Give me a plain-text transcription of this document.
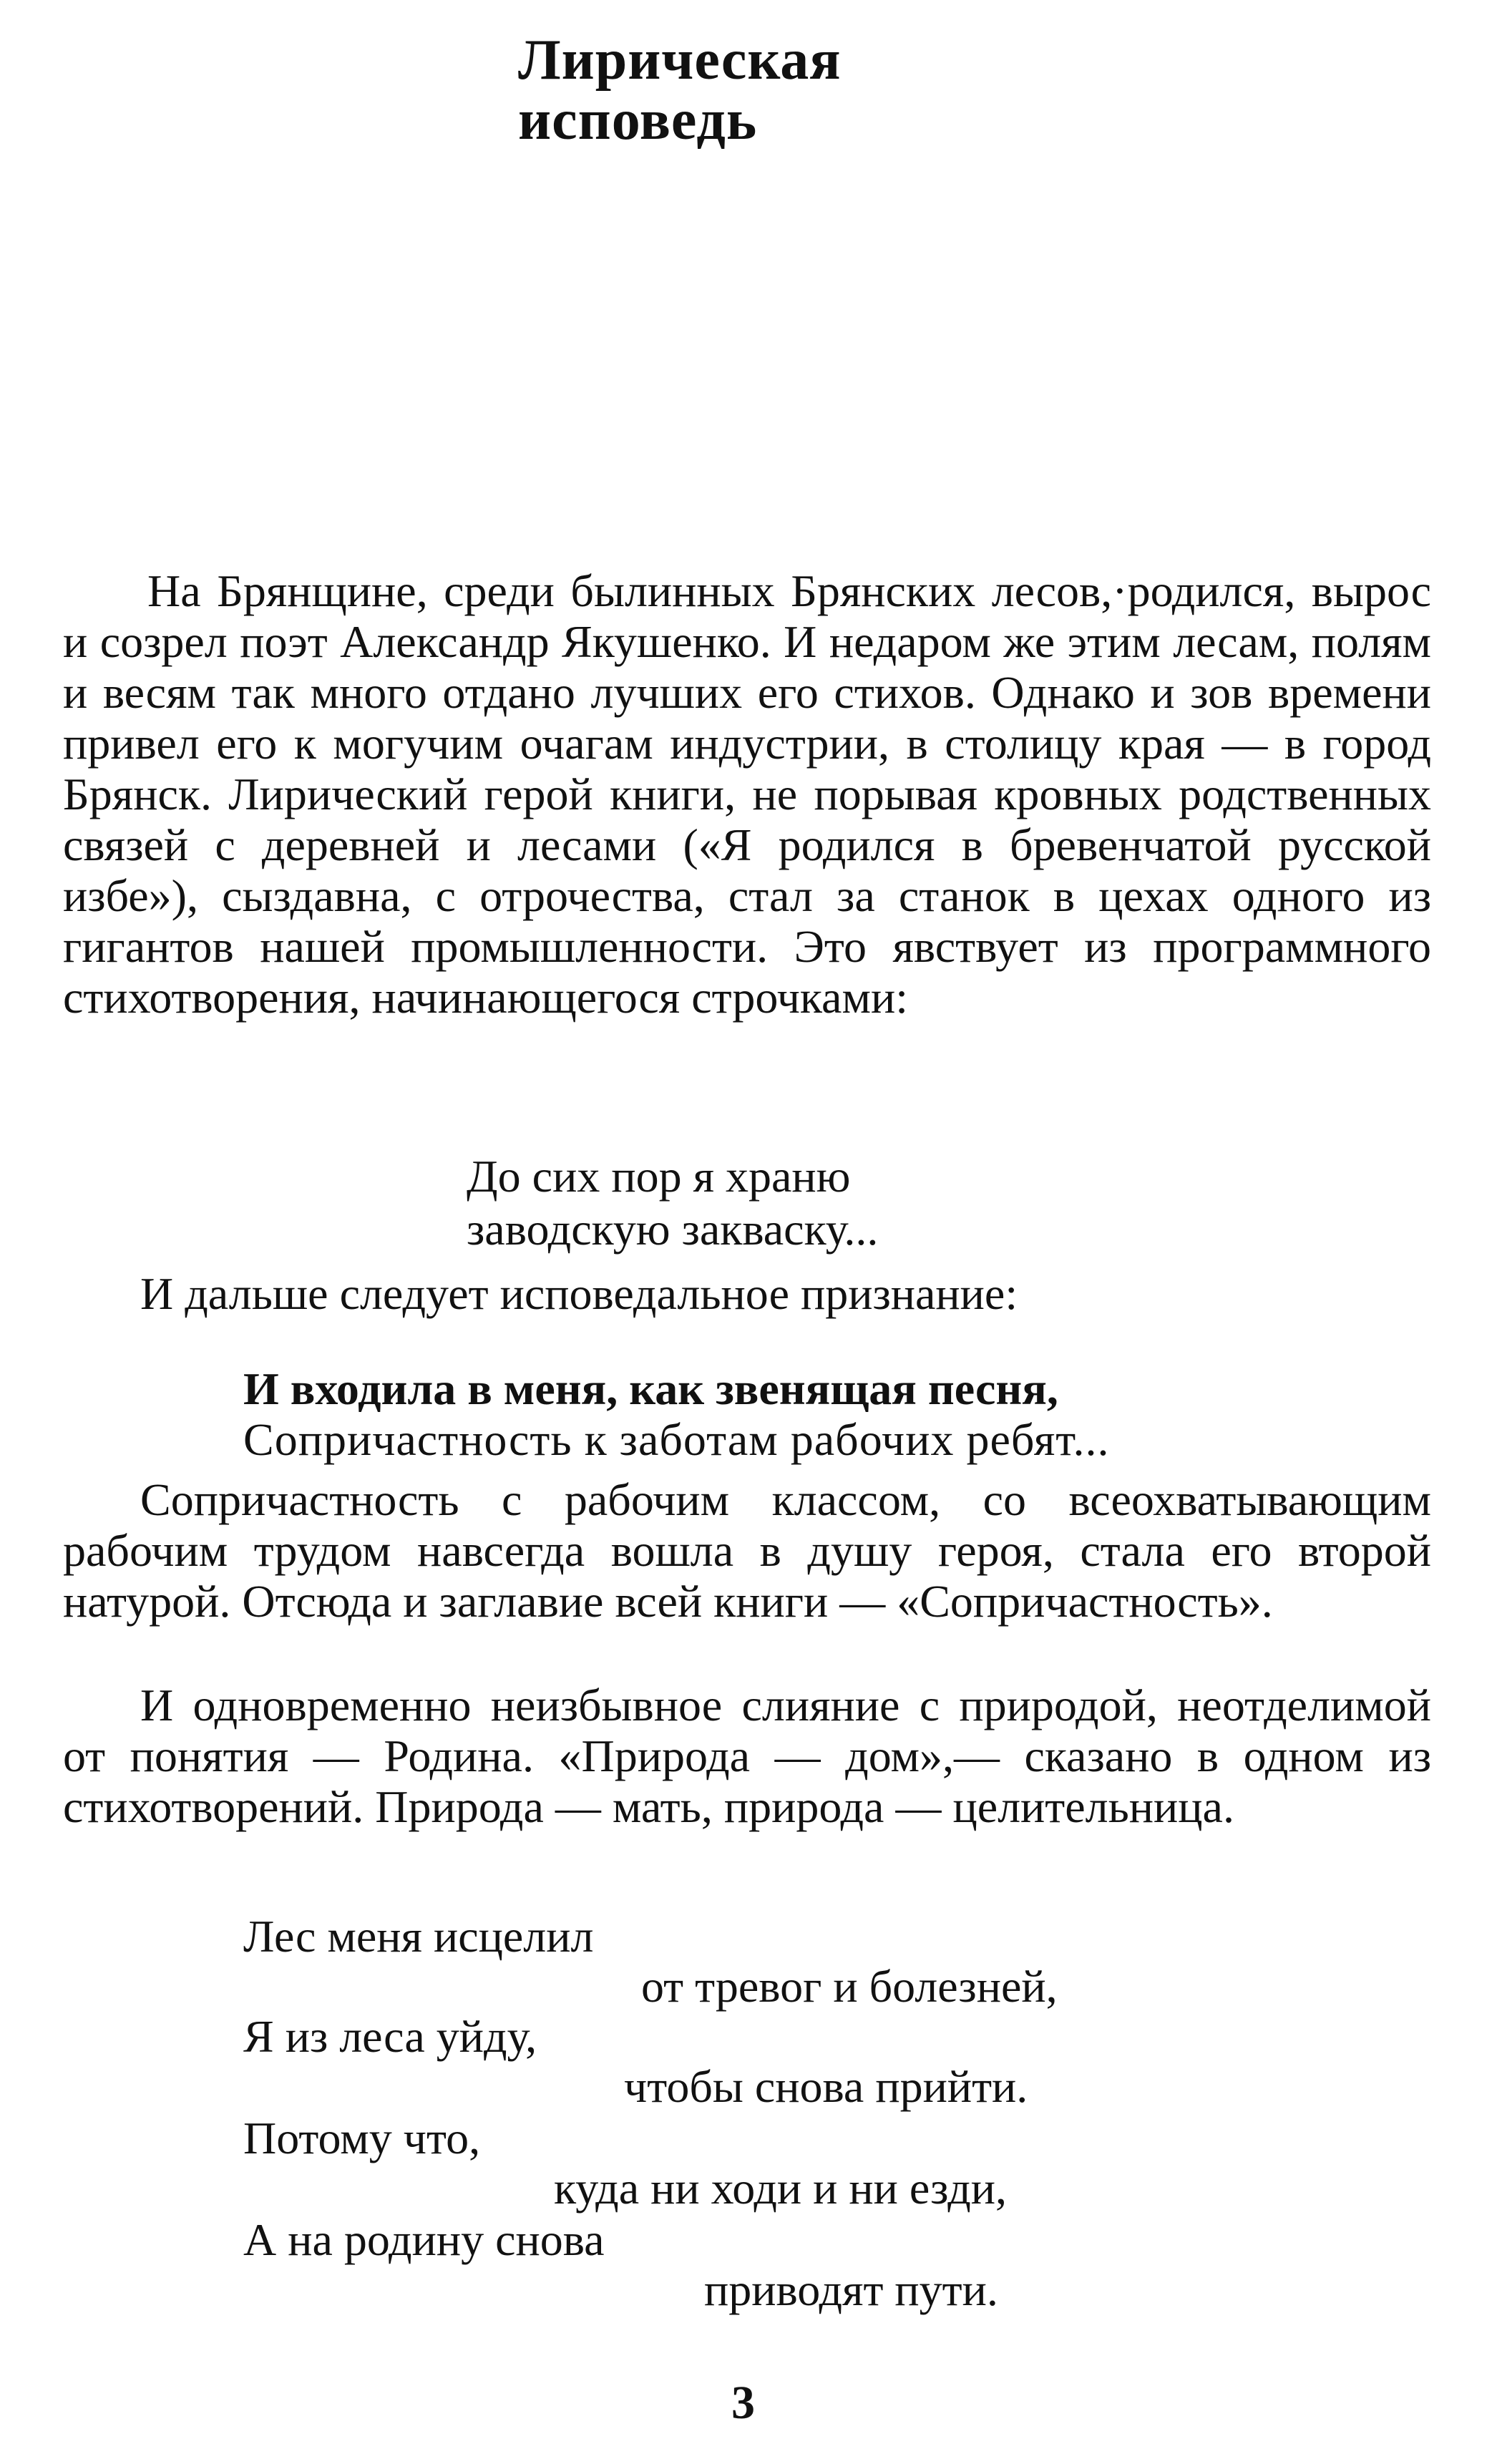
Лирическая
исповедь
На Брянщине, среди былинных Брянских лесов,·родился, вырос и созрел поэт Александр Якушенко. И недаром же этим лесам, полям и весям так много отдано лучших его стихов. Однако и зов времени привел его к могучим очагам индустрии, в столицу края — в город Брянск. Лирический герой книги, не порывая кровных родственных связей с деревней и лесами («Я родился в бревенчатой русской избе»), сыздавна, с отрочества, стал за станок в цехах одного из гигантов нашей промышленности. Это явствует из программного стихотворения, начинающегося строчками:
До сих пор я храню
заводскую закваску...
И дальше следует исповедальное признание:
И входила в меня, как звенящая песня,
Сопричастность к заботам рабочих ребят...
Сопричастность с рабочим классом, со всеохватывающим рабочим трудом навсегда вошла в душу героя, стала его второй натурой. Отсюда и заглавие всей книги — «Сопричастность».
И одновременно неизбывное слияние с природой, неотделимой от понятия — Родина. «Природа — дом»,— сказано в одном из стихотворений. Природа — мать, природа — целительница.
Лес меня исцелил
от тревог и болезней,
Я из леса уйду,
чтобы снова прийти.
Потому что,
куда ни ходи и ни езди,
А на родину снова
приводят пути.
3
